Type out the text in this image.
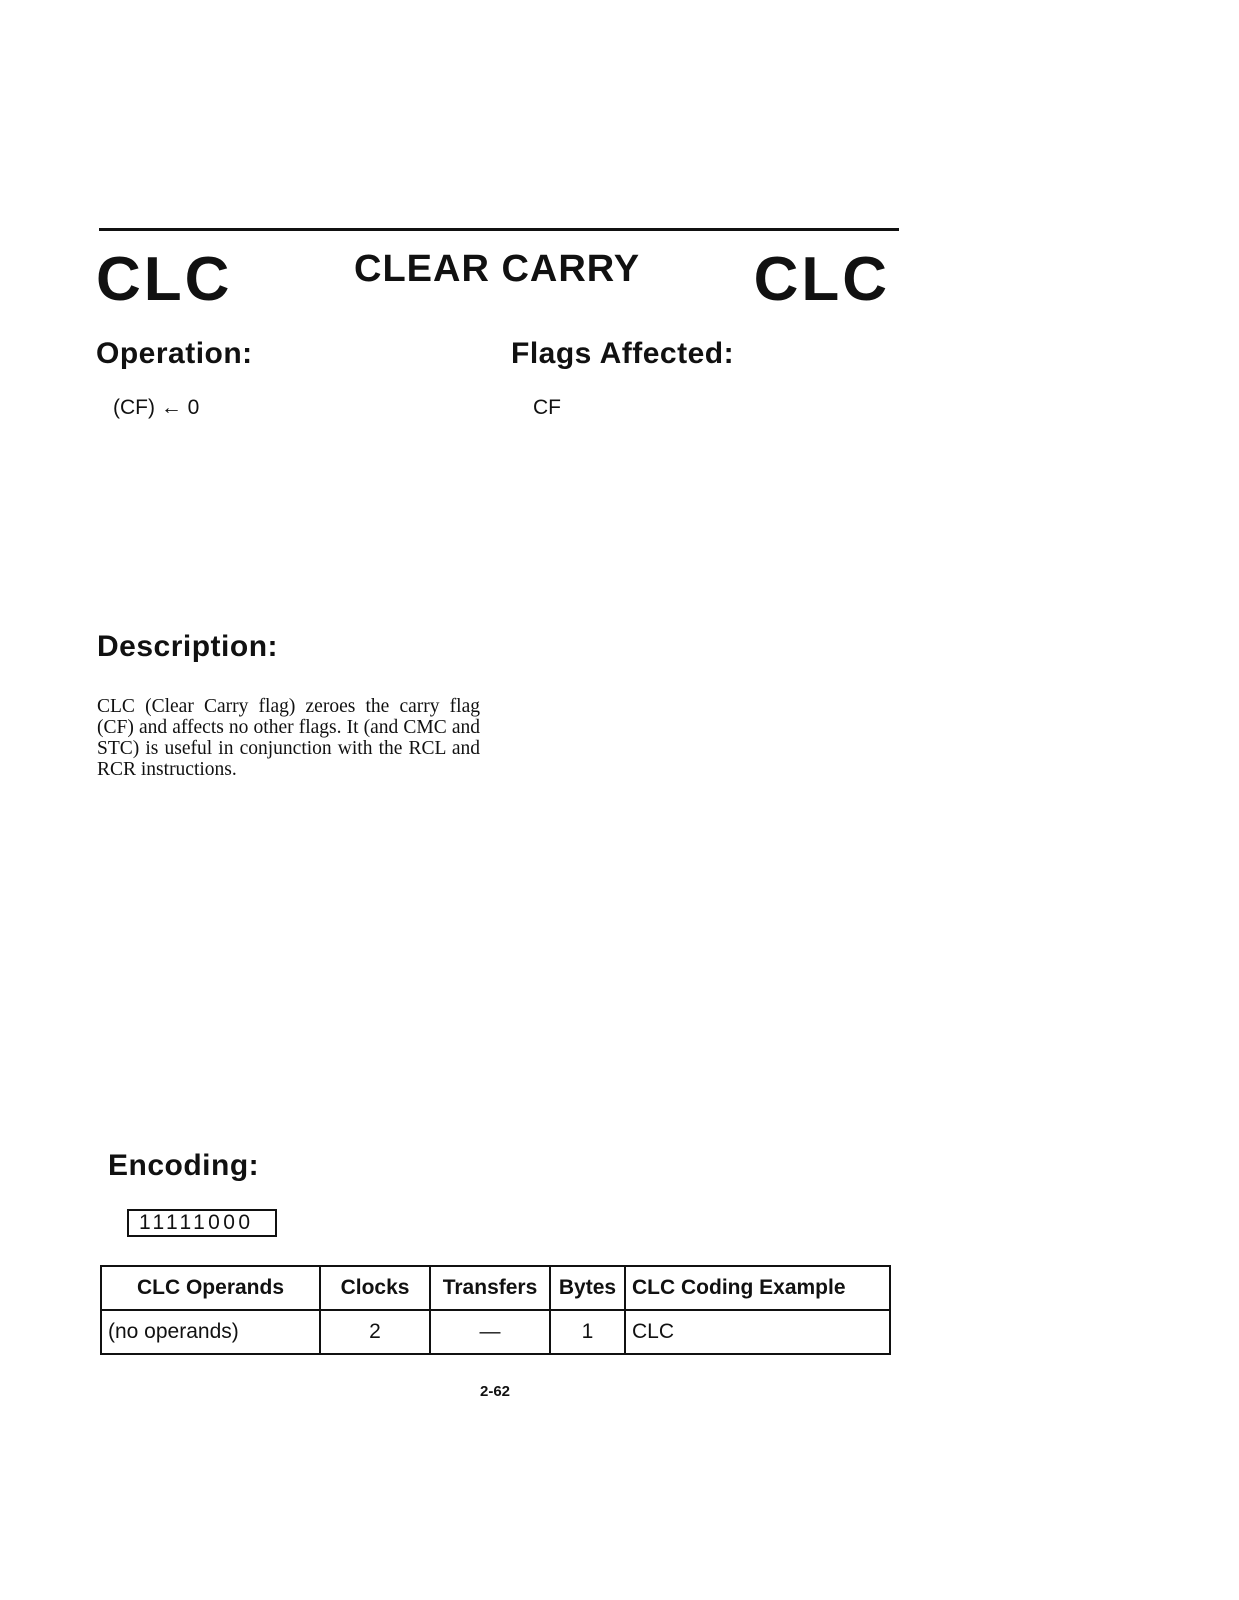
CLC	CLEAR CARRY CLC
Operation:
(CF) ← 0
Flags Affected:
CF
Description:
CLC (Clear Carry flag) zeroes the carry flag (CF) and affects no other flags. It (and CMC and STC) is useful in conjunction with the RCL and RCR instructions.
Encoding:
11111000
CLC Operands	Clocks	Transfers	Bytes	CLC Coding Example
(no operands)	2	—	1	CLC
2-62
